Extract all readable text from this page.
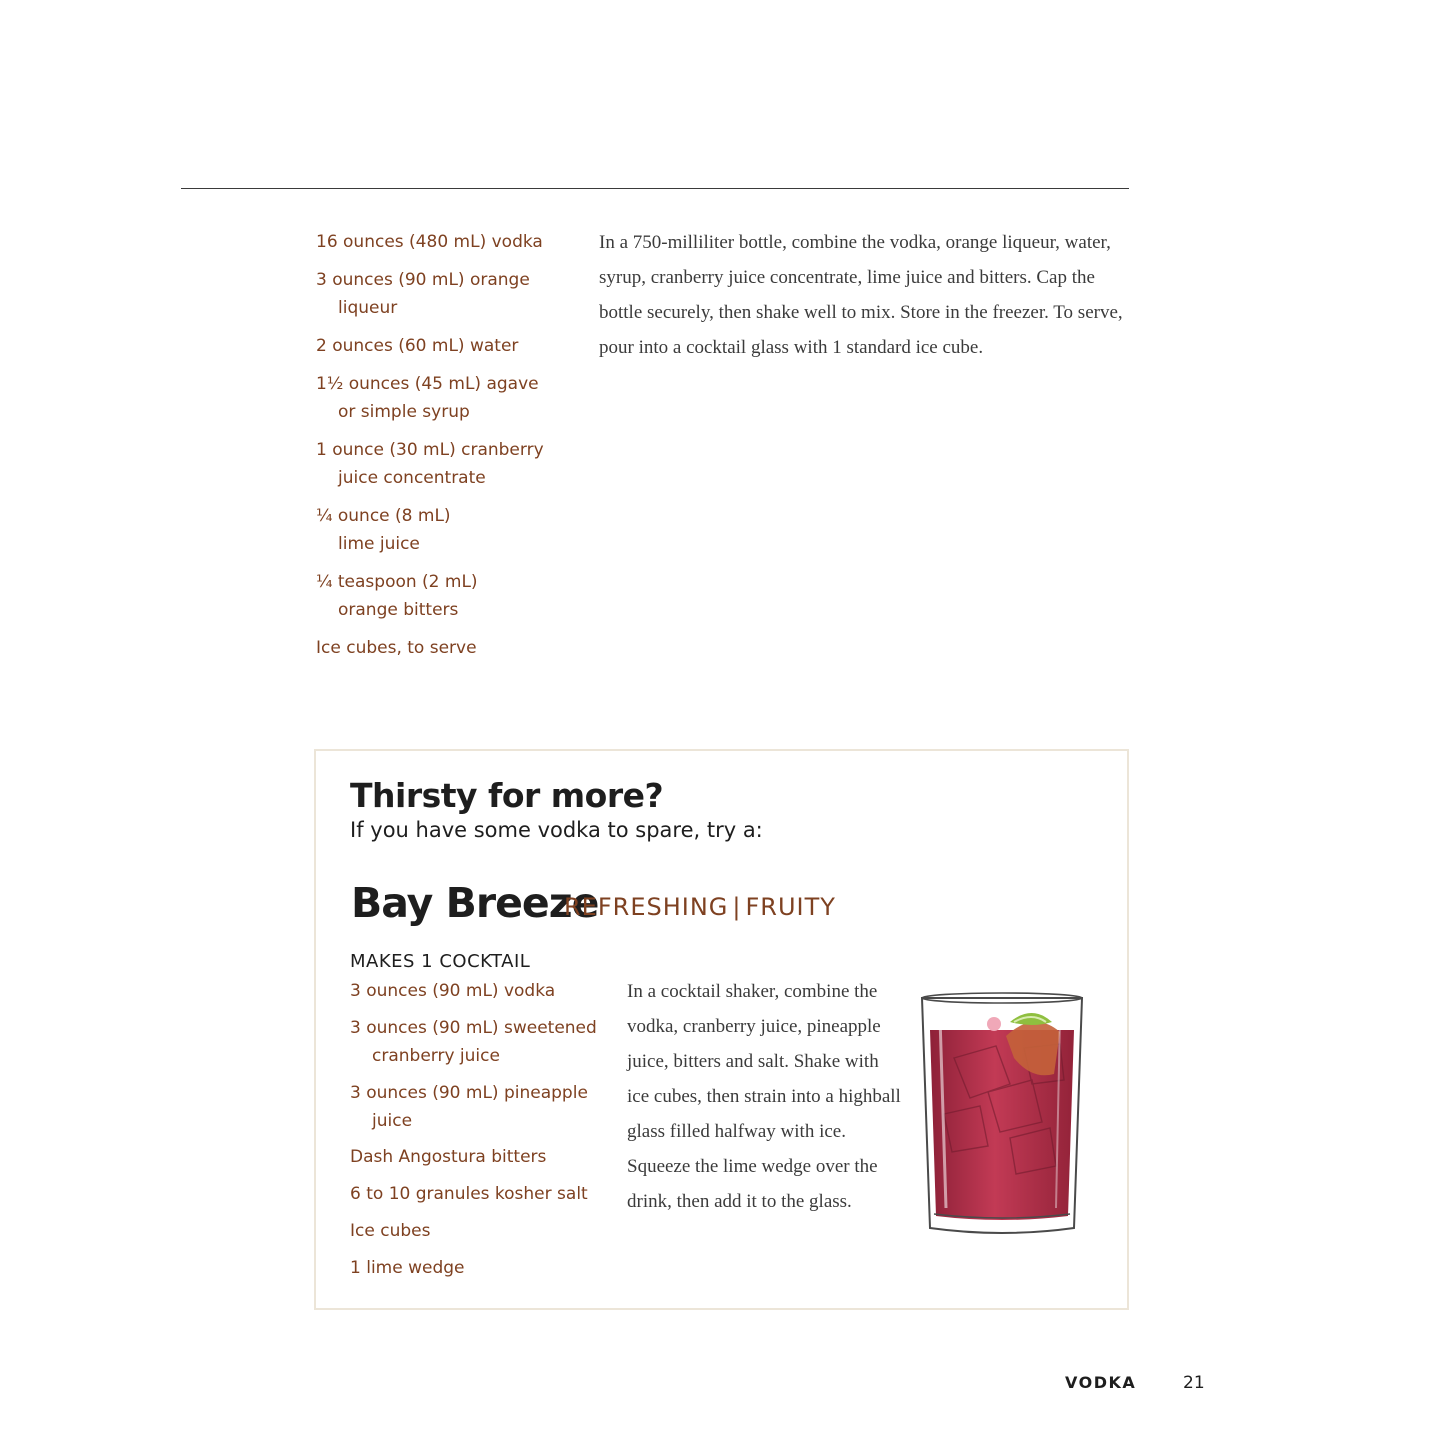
16 ounces (480 mL) vodka
3 ounces (90 mL) orange
liqueur
2 ounces (60 mL) water
1½ ounces (45 mL) agave
or simple syrup
1 ounce (30 mL) cranberry
juice concentrate
¼ ounce (8 mL)
lime juice
¼ teaspoon (2 mL)
orange bitters
Ice cubes, to serve

In a 750-milliliter bottle, combine the vodka, orange liqueur, water, syrup, cranberry juice concentrate, lime juice and bitters. Cap the bottle securely, then shake well to mix. Store in the freezer. To serve, pour into a cocktail glass with 1 standard ice cube.

Thirsty for more?

If you have some vodka to spare, try a:

Bay Breeze
REFRESHING | FRUITY

MAKES 1 COCKTAIL

3 ounces (90 mL) vodka
3 ounces (90 mL) sweetened
cranberry juice
3 ounces (90 mL) pineapple
juice
Dash Angostura bitters
6 to 10 granules kosher salt
Ice cubes
1 lime wedge

In a cocktail shaker, combine the vodka, cranberry juice, pineapple juice, bitters and salt. Shake with ice cubes, then strain into a highball glass filled halfway with ice. Squeeze the lime wedge over the drink, then add it to the glass.

VODKA	21
